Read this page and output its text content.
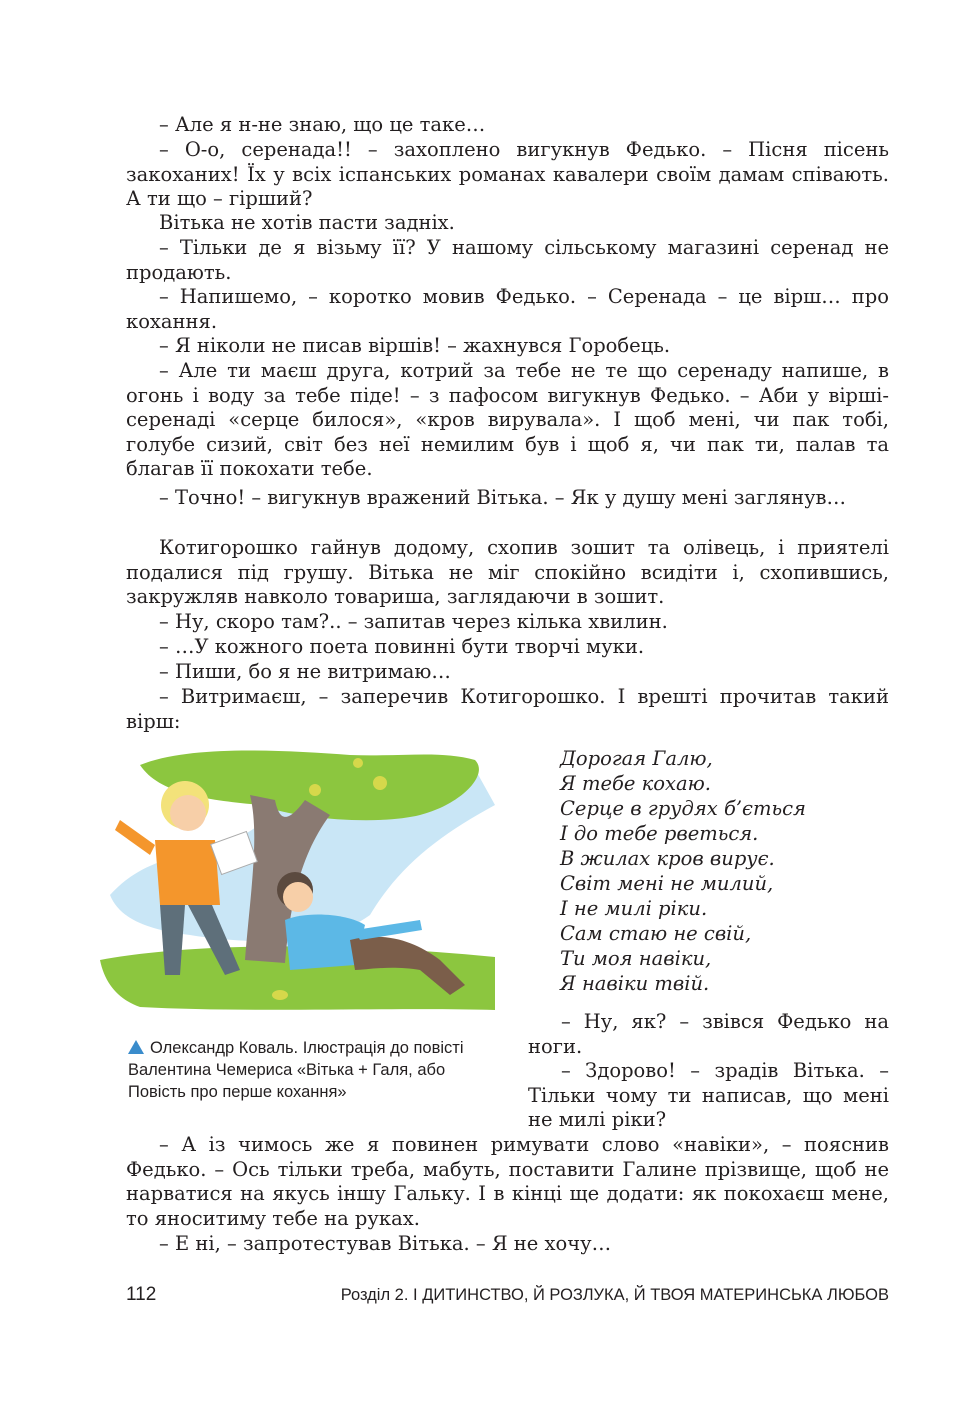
– Але я н-не знаю, що це таке…

– О-о, серенада!! – захоплено вигукнув Федько. – Пісня пісень закоханих! Їх у всіх іспанських романах кавалери своїм дамам співають. А ти що – гірший?

Вітька не хотів пасти задніх.

– Тільки де я візьму її? У нашому сільському магазині серенад не продають.

– Напишемо, – коротко мовив Федько. – Серенада – це вірш… про кохання.

– Я ніколи не писав віршів! – жахнувся Горобець.

– Але ти маєш друга, котрий за тебе не те що серенаду напише, в огонь і воду за тебе піде! – з пафосом вигукнув Федько. – Аби у вірші-серенаді «серце билося», «кров вирувала». І щоб мені, чи пак тобі, голубе сизий, світ без неї немилим був і щоб я, чи пак ти, палав та благав її покохати тебе.

– Точно! – вигукнув вражений Вітька. – Як у душу мені заглянув…

Котигорошко гайнув додому, схопив зошит та олівець, і приятелі подалися під грушу. Вітька не міг спокійно всидіти і, схопившись, закружляв навколо товариша, заглядаючи в зошит.

– Ну, скоро там?.. – запитав через кілька хвилин.

– …У кожного поета повинні бути творчі муки.

– Пиши, бо я не витримаю…

– Витримаєш, – заперечив Котигорошко. І врешті прочитав такий вірш:

Олександр Коваль. Ілюстрація до повісті Валентина Чемериса «Вітька + Галя, або Повість про перше кохання»
Дорогая Галю,
Я тебе кохаю.
Серце в грудях б’ється
І до тебе рветься.
В жилах кров вирує.
Світ мені не милий,
І не милі ріки.
Сам стаю не свій,
Ти моя навіки,
Я навіки твій.

– Ну, як? – звівся Федько на ноги.

– Здорово! – зрадів Вітька. – Тільки чому ти написав, що мені не милі ріки?

– А із чимось же я повинен римувати слово «навіки», – пояснив Федько. – Ось тільки треба, мабуть, поставити Галине прізвище, щоб не нарватися на якусь іншу Гальку. І в кінці ще додати: як покохаєш мене, то яноситиму тебе на руках.

– Е ні, – запротестував Вітька. – Я не хочу…

112	Розділ 2. І ДИТИНСТВО, Й РОЗЛУКА, Й ТВОЯ МАТЕРИНСЬКА ЛЮБОВ
